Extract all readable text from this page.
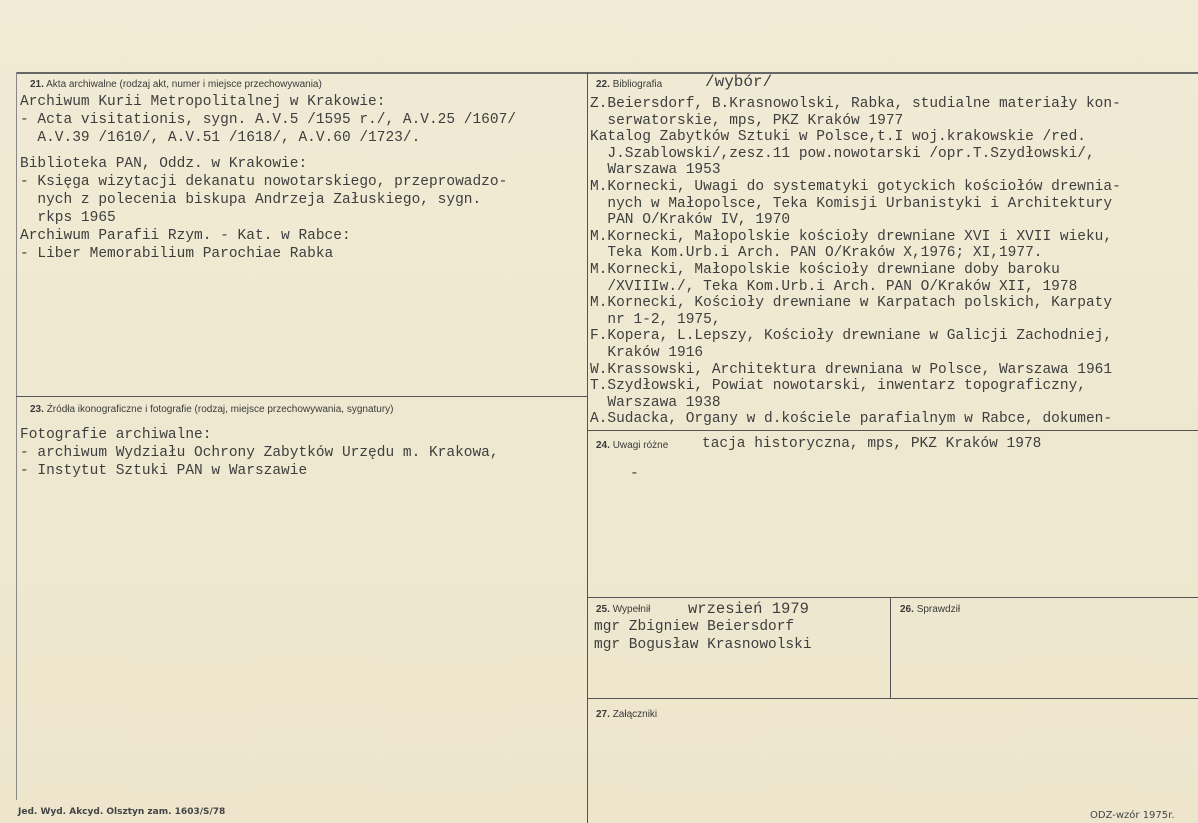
21. Akta archiwalne (rodzaj akt, numer i miejsce przechowywania)
Archiwum Kurii Metropolitalnej w Krakowie:
- Acta visitationis, sygn. A.V.5 /1595 r./, A.V.25 /1607/
A.V.39 /1610/, A.V.51 /1618/, A.V.60 /1723/.
Biblioteka PAN, Oddz. w Krakowie:
- Księga wizytacji dekanatu nowotarskiego, przeprowadzo-
nych z polecenia biskupa Andrzeja Załuskiego, sygn.
rkps 1965
Archiwum Parafii Rzym. - Kat. w Rabce:
- Liber Memorabilium Parochiae Rabka
22. Bibliografia	/wybór/
Z.Beiersdorf, B.Krasnowolski, Rabka, studialne materiały kon-
serwatorskie, mps, PKZ Kraków 1977
Katalog Zabytków Sztuki w Polsce,t.I woj.krakowskie /red.
J.Szablowski/,zesz.11 pow.nowotarski /opr.T.Szydłowski/,
Warszawa 1953
M.Kornecki, Uwagi do systematyki gotyckich kościołów drewnia-
nych w Małopolsce, Teka Komisji Urbanistyki i Architektury
PAN O/Kraków IV, 1970
M.Kornecki, Małopolskie kościoły drewniane XVI i XVII wieku,
Teka Kom.Urb.i Arch. PAN O/Kraków X,1976; XI,1977.
M.Kornecki, Małopolskie kościoły drewniane doby baroku
/XVIIIw./, Teka Kom.Urb.i Arch. PAN O/Kraków XII, 1978
M.Kornecki, Kościoły drewniane w Karpatach polskich, Karpaty
nr 1-2, 1975,
F.Kopera, L.Lepszy, Kościoły drewniane w Galicji Zachodniej,
Kraków 1916
W.Krassowski, Architektura drewniana w Polsce, Warszawa 1961
T.Szydłowski, Powiat nowotarski, inwentarz topograficzny,
Warszawa 1938
A.Sudacka, Organy w d.kościele parafialnym w Rabce, dokumen-
23. Źródła ikonograficzne i fotografie (rodzaj, miejsce przechowywania, sygnatury)
Fotografie archiwalne:
- archiwum Wydziału Ochrony Zabytków Urzędu m. Krakowa,
- Instytut Sztuki PAN w Warszawie
24. Uwagi różne tacja historyczna, mps, PKZ Kraków 1978
-
25. Wypełnił wrzesień 1979
mgr Zbigniew Beiersdorf
mgr Bogusław Krasnowolski
26. Sprawdził
27. Załączniki
Jed. Wyd. Akcyd. Olsztyn zam. 1603/S/78	ODZ-wzór 1975r.
